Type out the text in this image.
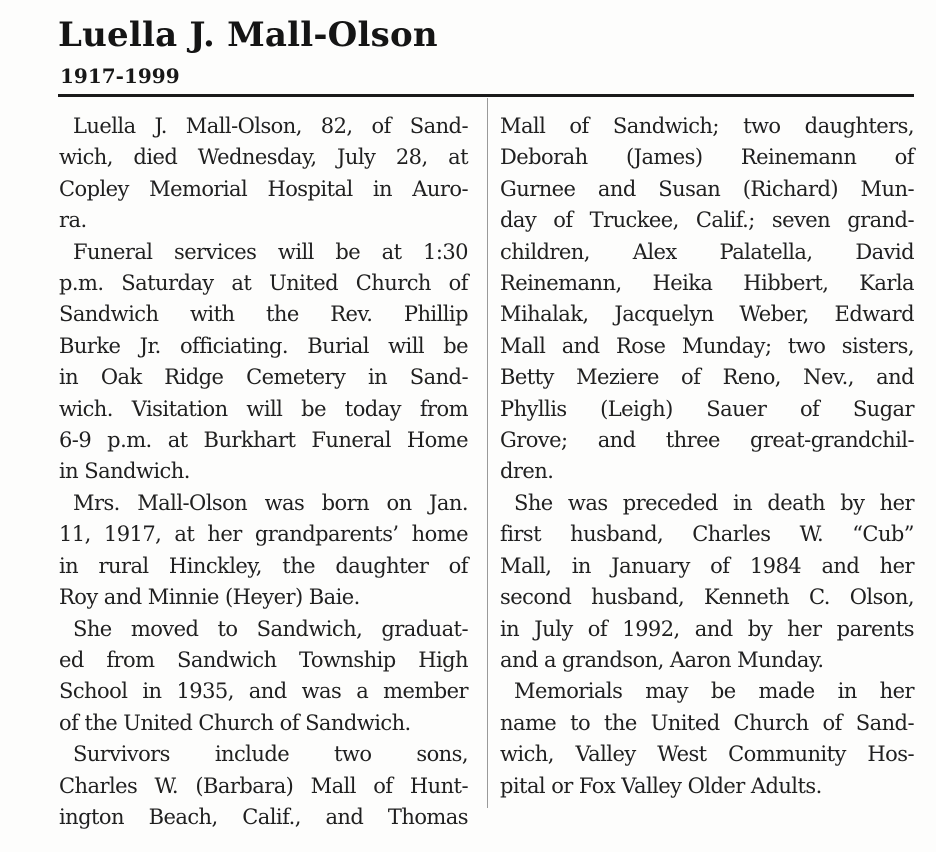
Luella J. Mall-Olson
1917-1999

Luella J. Mall-Olson, 82, of Sand-
wich, died Wednesday, July 28, at
Copley Memorial Hospital in Auro-
ra.

Funeral services will be at 1:30
p.m. Saturday at United Church of
Sandwich with the Rev. Phillip
Burke Jr. officiating. Burial will be
in Oak Ridge Cemetery in Sand-
wich. Visitation will be today from
6-9 p.m. at Burkhart Funeral Home
in Sandwich.

Mrs. Mall-Olson was born on Jan.
11, 1917, at her grandparents’ home
in rural Hinckley, the daughter of
Roy and Minnie (Heyer) Baie.

She moved to Sandwich, graduat-
ed from Sandwich Township High
School in 1935, and was a member
of the United Church of Sandwich.

Survivors include two sons,
Charles W. (Barbara) Mall of Hunt-
ington Beach, Calif., and Thomas

Mall of Sandwich; two daughters,
Deborah (James) Reinemann of
Gurnee and Susan (Richard) Mun-
day of Truckee, Calif.; seven grand-
children, Alex Palatella, David
Reinemann, Heika Hibbert, Karla
Mihalak, Jacquelyn Weber, Edward
Mall and Rose Munday; two sisters,
Betty Meziere of Reno, Nev., and
Phyllis (Leigh) Sauer of Sugar
Grove; and three great-grandchil-
dren.

She was preceded in death by her
first husband, Charles W. “Cub”
Mall, in January of 1984 and her
second husband, Kenneth C. Olson,
in July of 1992, and by her parents
and a grandson, Aaron Munday.

Memorials may be made in her
name to the United Church of Sand-
wich, Valley West Community Hos-
pital or Fox Valley Older Adults.
